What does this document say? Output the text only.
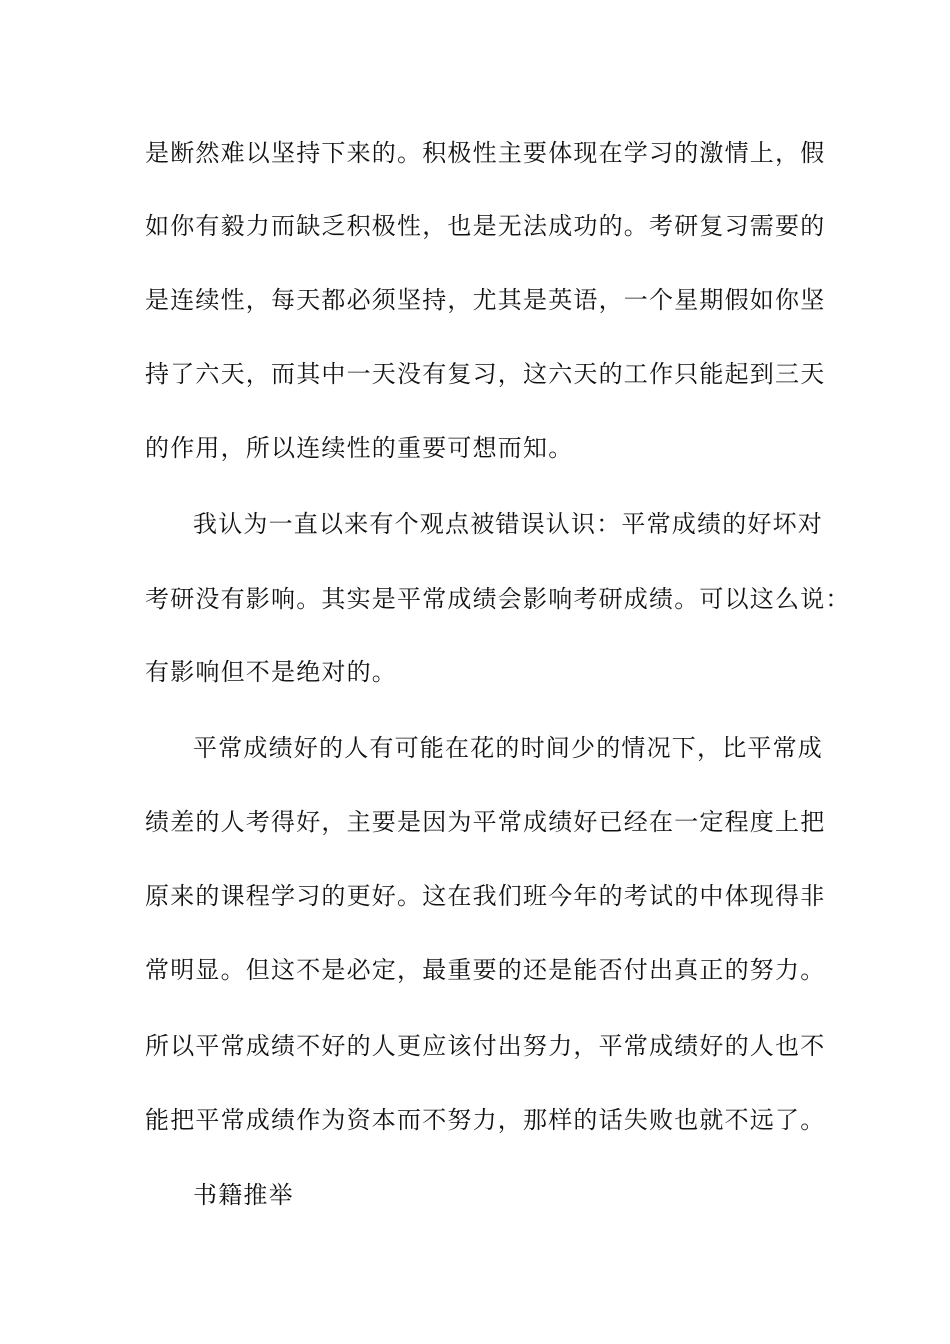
是断然难以坚持下来的。积极性主要体现在学习的激情上，假
如你有毅力而缺乏积极性，也是无法成功的。考研复习需要的
是连续性，每天都必须坚持，尤其是英语，一个星期假如你坚
持了六天，而其中一天没有复习，这六天的工作只能起到三天
的作用，所以连续性的重要可想而知。
我认为一直以来有个观点被错误认识：平常成绩的好坏对
考研没有影响。其实是平常成绩会影响考研成绩。可以这么说：
有影响但不是绝对的。
平常成绩好的人有可能在花的时间少的情况下，比平常成
绩差的人考得好，主要是因为平常成绩好已经在一定程度上把
原来的课程学习的更好。这在我们班今年的考试的中体现得非
常明显。但这不是必定，最重要的还是能否付出真正的努力。
所以平常成绩不好的人更应该付出努力，平常成绩好的人也不
能把平常成绩作为资本而不努力，那样的话失败也就不远了。
书籍推举
